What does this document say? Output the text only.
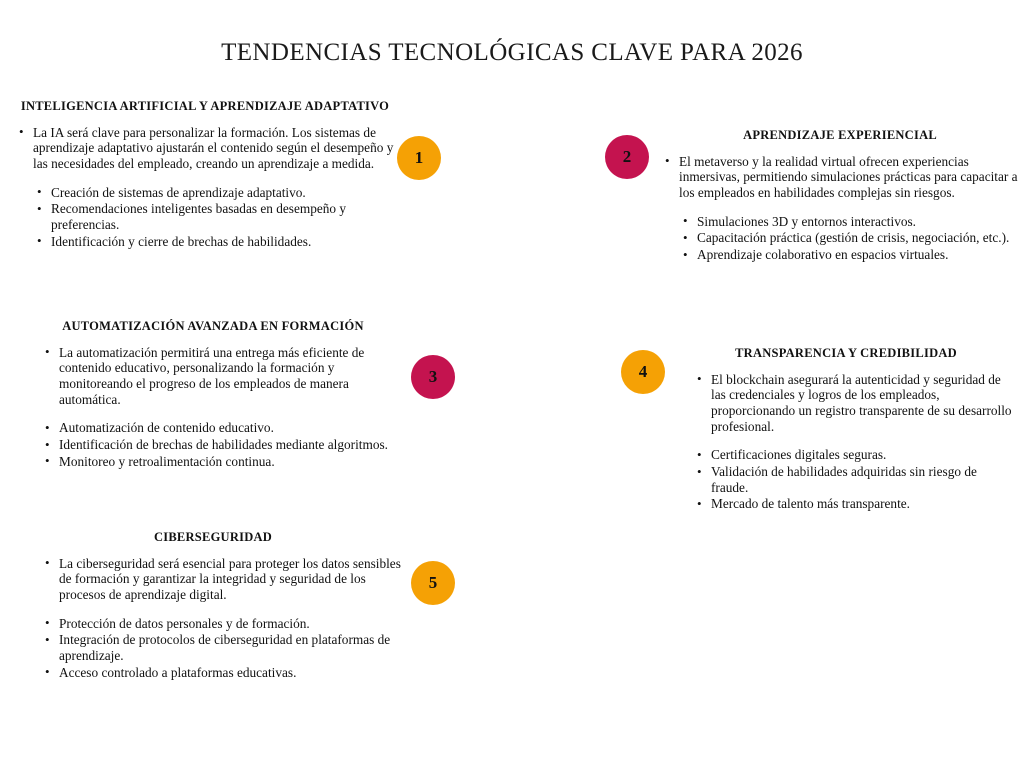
TENDENCIAS TECNOLÓGICAS CLAVE PARA 2026
INTELIGENCIA ARTIFICIAL Y APRENDIZAJE ADAPTATIVO
• La IA será clave para personalizar la formación. Los sistemas de aprendizaje adaptativo ajustarán el contenido según el desempeño y las necesidades del empleado, creando un aprendizaje a medida.
• Creación de sistemas de aprendizaje adaptativo.
• Recomendaciones inteligentes basadas en desempeño y preferencias.
• Identificación y cierre de brechas de habilidades.
1
APRENDIZAJE EXPERIENCIAL
• El metaverso y la realidad virtual ofrecen experiencias inmersivas, permitiendo simulaciones prácticas para capacitar a los empleados en habilidades complejas sin riesgos.
• Simulaciones 3D y entornos interactivos.
• Capacitación práctica (gestión de crisis, negociación, etc.).
• Aprendizaje colaborativo en espacios virtuales.
2
AUTOMATIZACIÓN AVANZADA EN FORMACIÓN
• La automatización permitirá una entrega más eficiente de contenido educativo, personalizando la formación y monitoreando el progreso de los empleados de manera automática.
• Automatización de contenido educativo.
• Identificación de brechas de habilidades mediante algoritmos.
• Monitoreo y retroalimentación continua.
3
TRANSPARENCIA Y CREDIBILIDAD
• El blockchain asegurará la autenticidad y seguridad de las credenciales y logros de los empleados, proporcionando un registro transparente de su desarrollo profesional.
• Certificaciones digitales seguras.
• Validación de habilidades adquiridas sin riesgo de fraude.
• Mercado de talento más transparente.
4
CIBERSEGURIDAD
• La ciberseguridad será esencial para proteger los datos sensibles de formación y garantizar la integridad y seguridad de los procesos de aprendizaje digital.
• Protección de datos personales y de formación.
• Integración de protocolos de ciberseguridad en plataformas de aprendizaje.
• Acceso controlado a plataformas educativas.
5
